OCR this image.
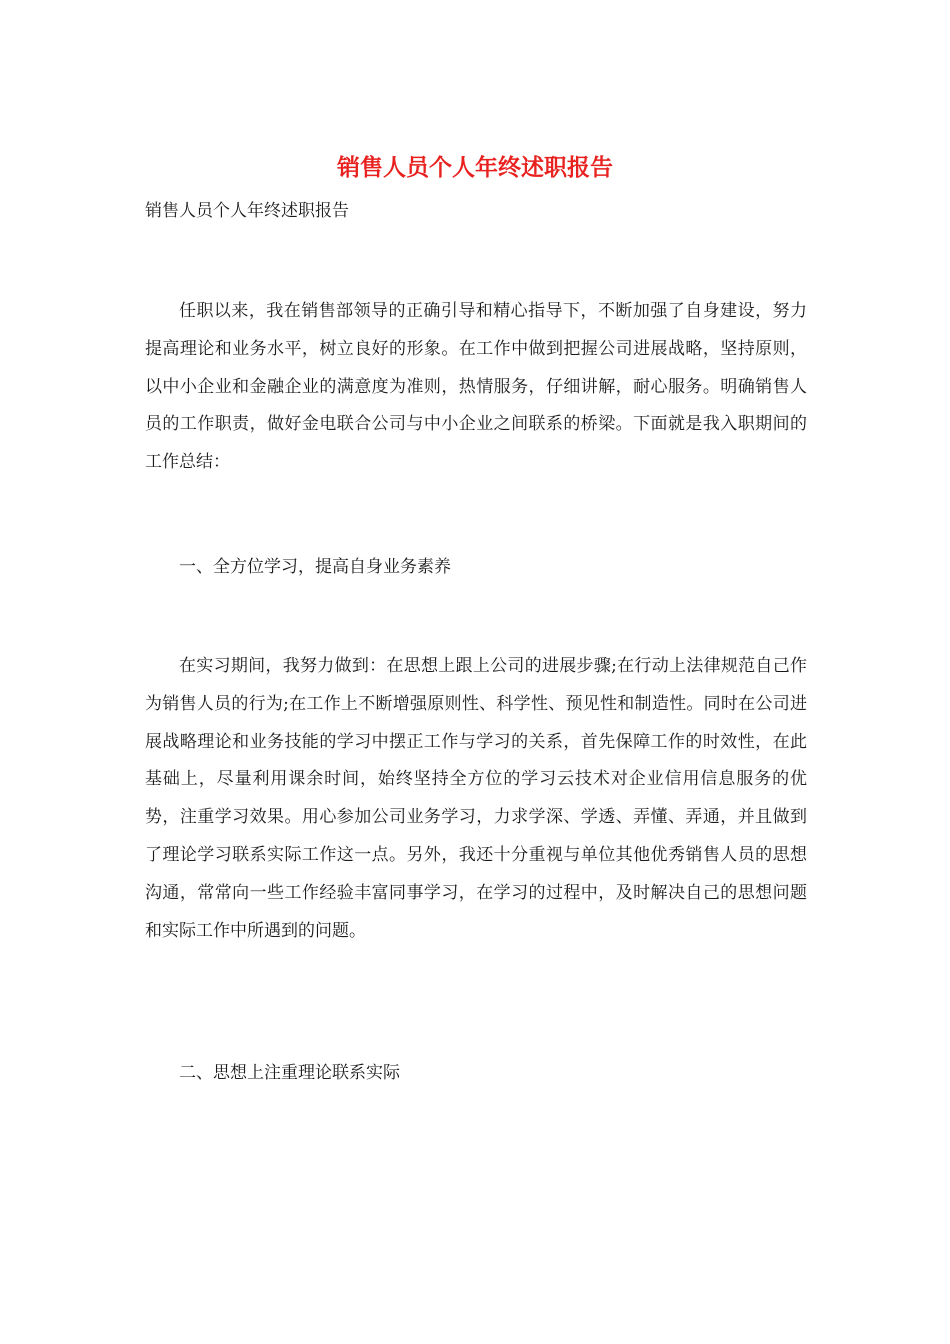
销售人员个人年终述职报告

销售人员个人年终述职报告

任职以来，我在销售部领导的正确引导和精心指导下，不断加强了自身建设，努力提高理论和业务水平，树立良好的形象。在工作中做到把握公司进展战略，坚持原则，以中小企业和金融企业的满意度为准则，热情服务，仔细讲解，耐心服务。明确销售人员的工作职责，做好金电联合公司与中小企业之间联系的桥梁。下面就是我入职期间的工作总结：

一、全方位学习，提高自身业务素养

在实习期间，我努力做到：在思想上跟上公司的进展步骤;在行动上法律规范自己作为销售人员的行为;在工作上不断增强原则性、科学性、预见性和制造性。同时在公司进展战略理论和业务技能的学习中摆正工作与学习的关系，首先保障工作的时效性，在此基础上，尽量利用课余时间，始终坚持全方位的学习云技术对企业信用信息服务的优势，注重学习效果。用心参加公司业务学习，力求学深、学透、弄懂、弄通，并且做到了理论学习联系实际工作这一点。另外，我还十分重视与单位其他优秀销售人员的思想沟通，常常向一些工作经验丰富同事学习，在学习的过程中，及时解决自己的思想问题和实际工作中所遇到的问题。

二、思想上注重理论联系实际
